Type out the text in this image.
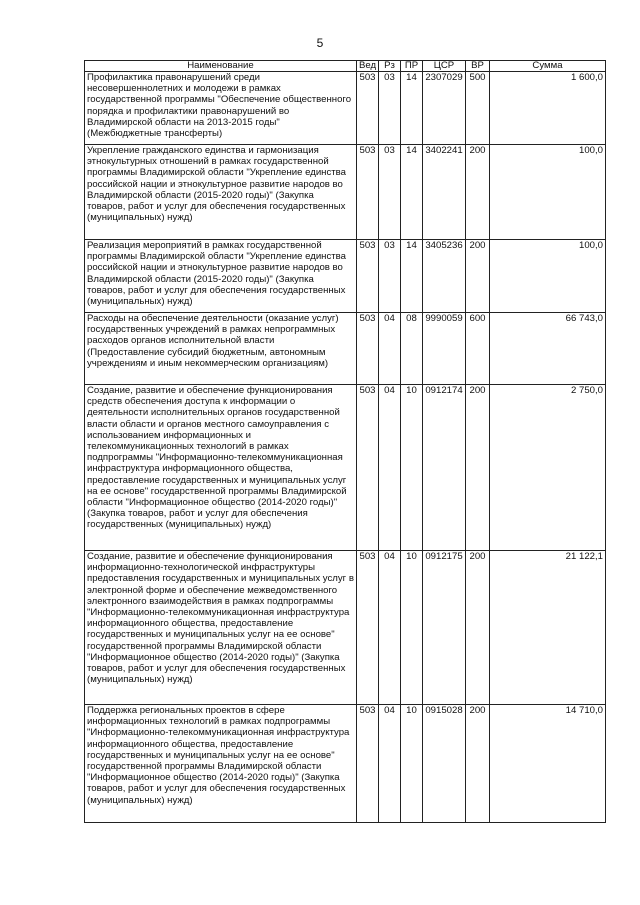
5
Наименование	Вед	Рз	ПР	ЦСР	ВР	Сумма
Профилактика правонарушений среди несовершеннолетних и молодежи в рамках государственной программы "Обеспечение общественного порядка и профилактики правонарушений во Владимирской области на 2013-2015 годы" (Межбюджетные трансферты)	503	03	14	2307029	500	1 600,0
Укрепление гражданского единства и гармонизация этнокультурных отношений в рамках государственной программы Владимирской области "Укрепление единства российской нации и этнокультурное развитие народов во Владимирской области (2015-2020 годы)" (Закупка товаров, работ и услуг для обеспечения государственных (муниципальных) нужд)	503	03	14	3402241	200	100,0
Реализация мероприятий в рамках государственной программы Владимирской области "Укрепление единства российской нации и этнокультурное развитие народов во Владимирской области (2015-2020 годы)" (Закупка товаров, работ и услуг для обеспечения государственных (муниципальных) нужд)	503	03	14	3405236	200	100,0
Расходы на обеспечение деятельности (оказание услуг) государственных учреждений в рамках непрограммных расходов органов исполнительной власти (Предоставление субсидий бюджетным, автономным учреждениям и иным некоммерческим организациям)	503	04	08	9990059	600	66 743,0
Создание, развитие и обеспечение функционирования средств обеспечения доступа к информации о деятельности исполнительных органов государственной власти области и органов местного самоуправления с использованием информационных и телекоммуникационных технологий в рамках подпрограммы "Информационно-телекоммуникационная инфраструктура информационного общества, предоставление государственных и муниципальных услуг на ее основе" государственной программы Владимирской области "Информационное общество (2014-2020 годы)" (Закупка товаров, работ и услуг для обеспечения государственных (муниципальных) нужд)	503	04	10	0912174	200	2 750,0
Создание, развитие и обеспечение функционирования информационно-технологической инфраструктуры предоставления государственных и муниципальных услуг в электронной форме и обеспечение межведомственного электронного взаимодействия в рамках подпрограммы "Информационно-телекоммуникационная инфраструктура информационного общества, предоставление государственных и муниципальных услуг на ее основе" государственной программы Владимирской области "Информационное общество (2014-2020 годы)" (Закупка товаров, работ и услуг для обеспечения государственных (муниципальных) нужд)	503	04	10	0912175	200	21 122,1
Поддержка региональных проектов в сфере информационных технологий в рамках подпрограммы "Информационно-телекоммуникационная инфраструктура информационного общества, предоставление государственных и муниципальных услуг на ее основе" государственной программы Владимирской области "Информационное общество (2014-2020 годы)" (Закупка товаров, работ и услуг для обеспечения государственных (муниципальных) нужд)	503	04	10	0915028	200	14 710,0
